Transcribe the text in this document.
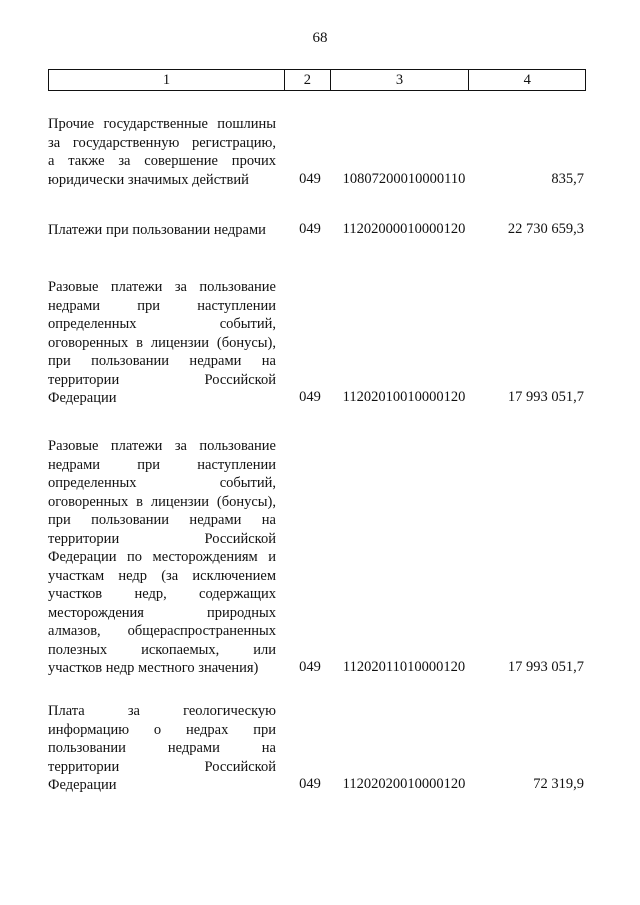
68
1	2	3	4
Прочие государственные пошлины
за государственную регистрацию,
а также за совершение прочих
юридически значимых действий	049	10807200010000110	835,7
Платежи при пользовании недрами	049	11202000010000120	22 730 659,3
Разовые платежи за пользование
недрами при наступлении
определенных событий,
оговоренных в лицензии (бонусы),
при пользовании недрами на
территории Российской
Федерации	049	11202010010000120	17 993 051,7
Разовые платежи за пользование
недрами при наступлении
определенных событий,
оговоренных в лицензии (бонусы),
при пользовании недрами на
территории Российской
Федерации по месторождениям и
участкам недр (за исключением
участков недр, содержащих
месторождения природных
алмазов, общераспространенных
полезных ископаемых, или
участков недр местного значения)	049	11202011010000120	17 993 051,7
Плата за геологическую
информацию о недрах при
пользовании недрами на
территории Российской
Федерации	049	11202020010000120	72 319,9
